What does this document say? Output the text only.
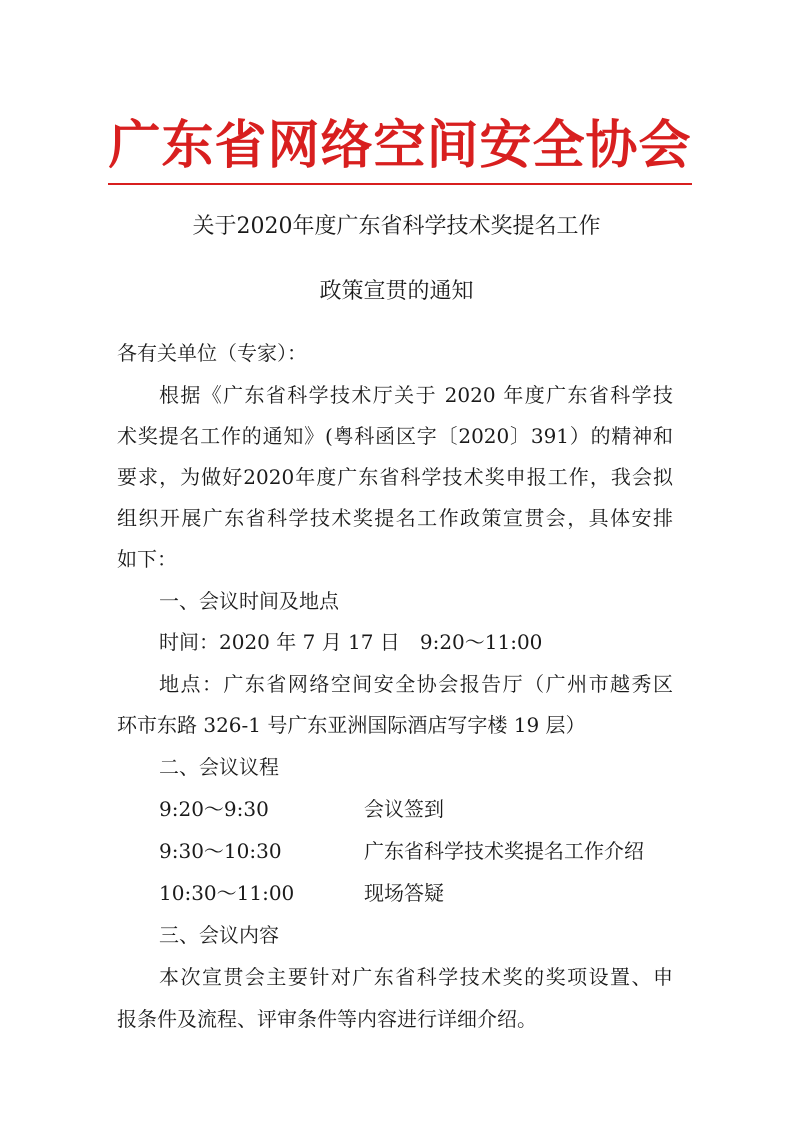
广东省网络空间安全协会
关于2020年度广东省科学技术奖提名工作
政策宣贯的通知
各有关单位（专家）：
根据《广东省科学技术厅关于 2020 年度广东省科学技
术奖提名工作的通知》(粤科函区字〔2020〕391）的精神和
要求，为做好2020年度广东省科学技术奖申报工作，我会拟
组织开展广东省科学技术奖提名工作政策宣贯会，具体安排
如下：
一、会议时间及地点
时间：2020 年 7 月 17 日　9:20～11:00
地点：广东省网络空间安全协会报告厅（广州市越秀区
环市东路 326-1 号广东亚洲国际酒店写字楼 19 层）
二、会议议程
9:20～9:30	会议签到
9:30～10:30	广东省科学技术奖提名工作介绍
10:30～11:00	现场答疑
三、会议内容
本次宣贯会主要针对广东省科学技术奖的奖项设置、申
报条件及流程、评审条件等内容进行详细介绍。
